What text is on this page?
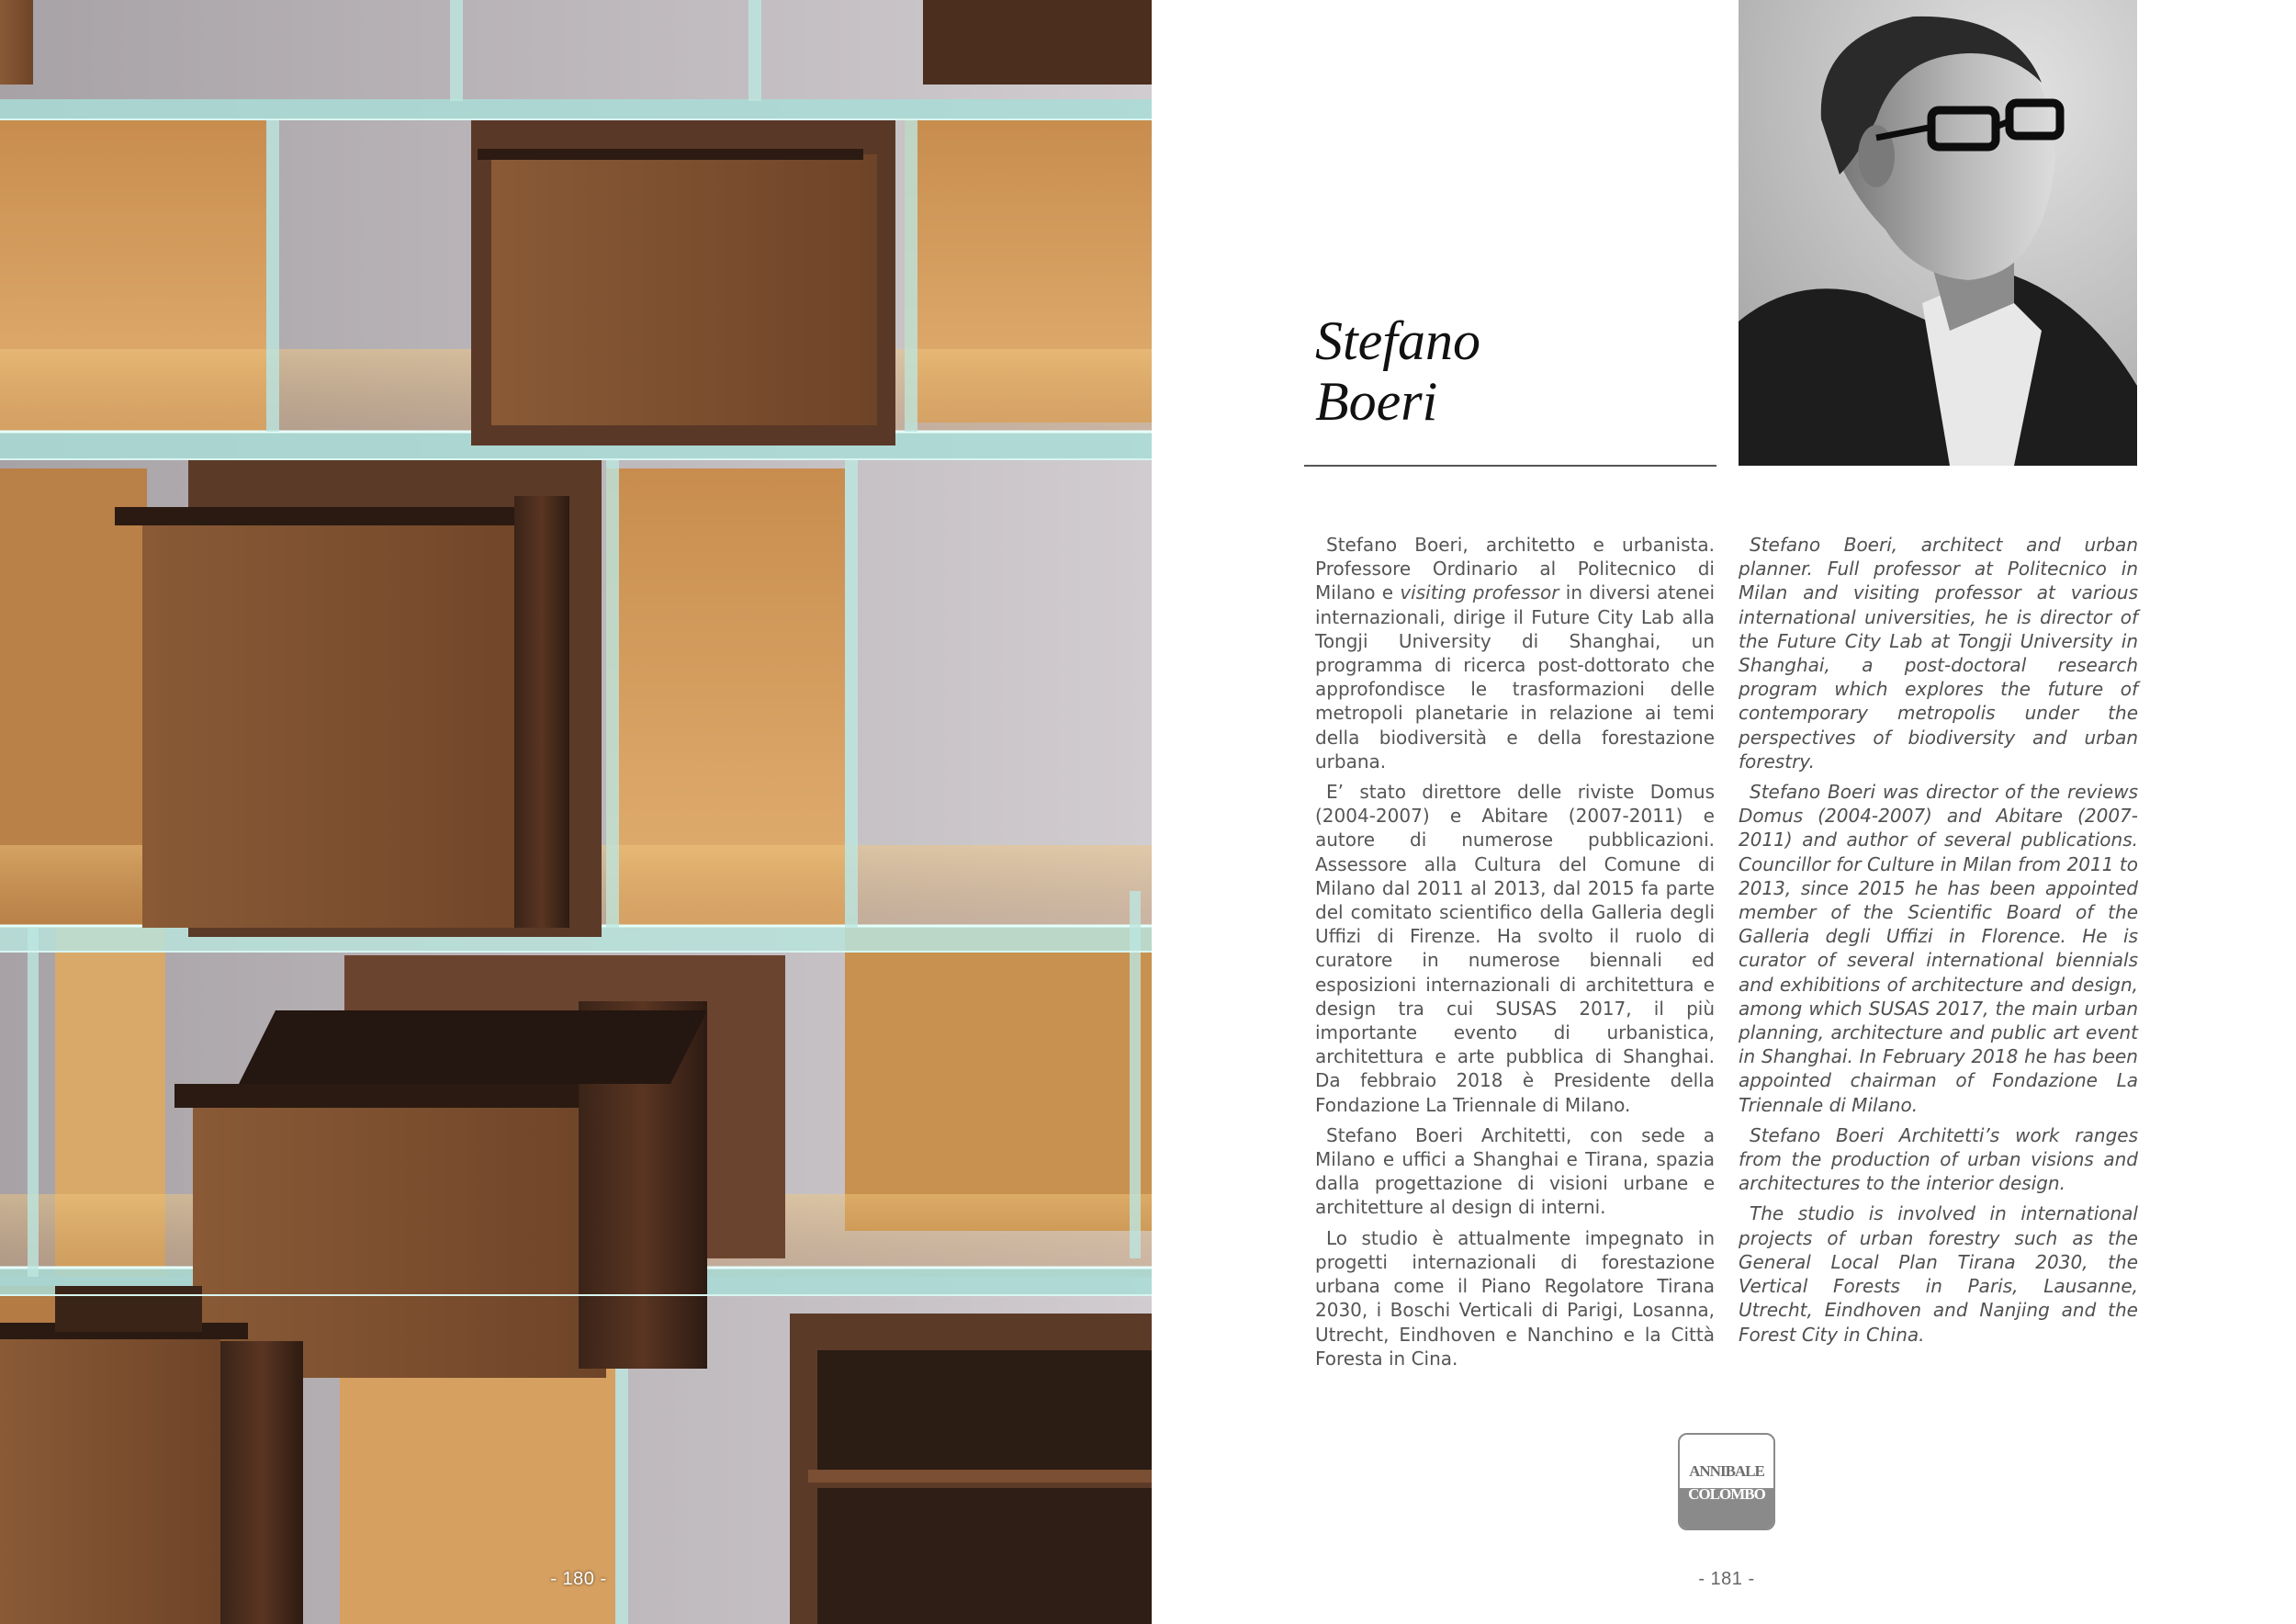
- 180 -
Stefano
Boeri

Stefano Boeri, architetto e urbanista. Professore Ordinario al Politecnico di Milano e visiting professor in diversi atenei internazionali, dirige il Future City Lab alla Tongji University di Shanghai, un programma di ricerca post-dottorato che approfondisce le trasformazioni delle metropoli planetarie in relazione ai temi della biodiversità e della forestazione urbana.

E’ stato direttore delle riviste Domus (2004-2007) e Abitare (2007-2011) e autore di numerose pubblicazioni. Assessore alla Cultura del Comune di Milano dal 2011 al 2013, dal 2015 fa parte del comitato scientifico della Galleria degli Uffizi di Firenze. Ha svolto il ruolo di curatore in numerose biennali ed esposizioni internazionali di architettura e design tra cui SUSAS 2017, il più importante evento di urbanistica, architettura e arte pubblica di Shanghai. Da febbraio 2018 è Presidente della Fondazione La Triennale di Milano.

Stefano Boeri Architetti, con sede a Milano e uffici a Shanghai e Tirana, spazia dalla progettazione di visioni urbane e architetture al design di interni.

Lo studio è attualmente impegnato in progetti internazionali di forestazione urbana come il Piano Regolatore Tirana 2030, i Boschi Verticali di Parigi, Losanna, Utrecht, Eindhoven e Nanchino e la Città Foresta in Cina.

Stefano Boeri, architect and urban planner. Full professor at Politecnico in Milan and visiting professor at various international universities, he is director of the Future City Lab at Tongji University in Shanghai, a post-doctoral research program which explores the future of contemporary metropolis under the perspectives of biodiversity and urban forestry.

Stefano Boeri was director of the reviews Domus (2004-2007) and Abitare (2007-2011) and author of several publications. Councillor for Culture in Milan from 2011 to 2013, since 2015 he has been appointed member of the Scientific Board of the Galleria degli Uffizi in Florence. He is curator of several international biennials and exhibitions of architecture and design, among which SUSAS 2017, the main urban planning, architecture and public art event in Shanghai. In February 2018 he has been appointed chairman of Fondazione La Triennale di Milano.

Stefano Boeri Architetti’s work ranges from the production of urban visions and architectures to the interior design.

The studio is involved in international projects of urban forestry such as the General Local Plan Tirana 2030, the Vertical Forests in Paris, Lausanne, Utrecht, Eindhoven and Nanjing and the Forest City in China.

ANNIBALE
COLOMBO
- 181 -
